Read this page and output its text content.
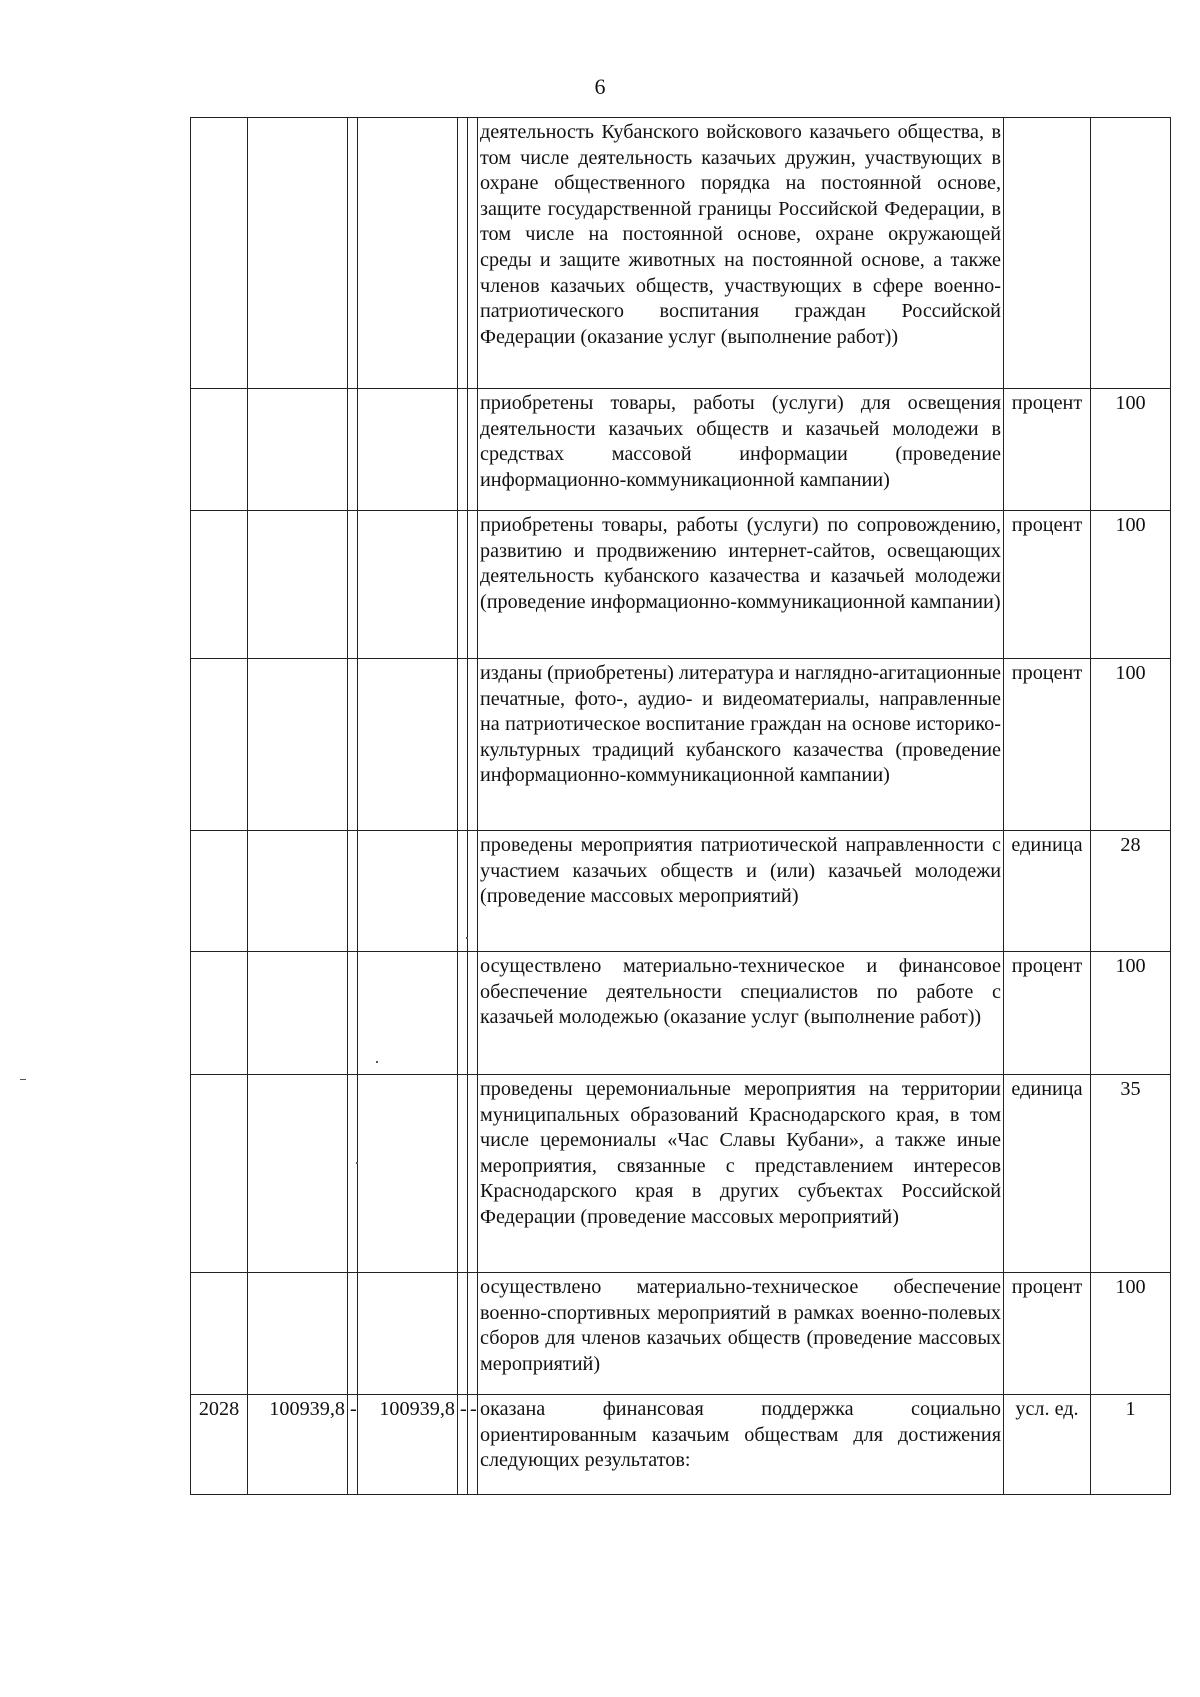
6
						деятельность Кубанского войскового казачьего общества, в том числе деятельность казачьих дружин, участвующих в охране общественного порядка на постоянной основе, защите государственной границы Российской Федерации, в том числе на постоянной основе, охране окружающей среды и защите животных на постоянной основе, а также членов казачьих обществ, участвующих в сфере военно-патриотического воспитания граждан Российской Федерации (оказание услуг (выполнение работ))		
						приобретены товары, работы (услуги) для освещения деятельности казачьих обществ и казачьей молодежи в средствах массовой информации (проведение информационно-коммуникационной кампании)	процент	100
						приобретены товары, работы (услуги) по сопровождению, развитию и продвижению интернет-сайтов, освещающих деятельность кубанского казачества и казачьей молодежи (проведение информационно-коммуникационной кампании)	процент	100
						изданы (приобретены) литература и наглядно-агитационные печатные, фото-, аудио- и видеоматериалы, направленные на патриотическое воспитание граждан на основе историко-культурных традиций кубанского казачества (проведение информационно-коммуникационной кампании)	процент	100
						проведены мероприятия патриотической направленности с участием казачьих обществ и (или) казачьей молодежи (проведение массовых мероприятий)	единица	28
						осуществлено материально-техническое и финансовое обеспечение деятельности специалистов по работе с казачьей молодежью (оказание услуг (выполнение работ))	процент	100
						проведены церемониальные мероприятия на территории муниципальных образований Краснодарского края, в том числе церемониалы «Час Славы Кубани», а также иные мероприятия, связанные с представлением интересов Краснодарского края в других субъектах Российской Федерации (проведение массовых мероприятий)	единица	35
						осуществлено материально-техническое обеспечение военно-спортивных мероприятий в рамках военно-полевых сборов для членов казачьих обществ (проведение массовых мероприятий)	процент	100
2028	100939,8	-	100939,8	-	-	оказана финансовая поддержка социально ориентированным казачьим обществам для достижения следующих результатов:	усл. ед.	1
